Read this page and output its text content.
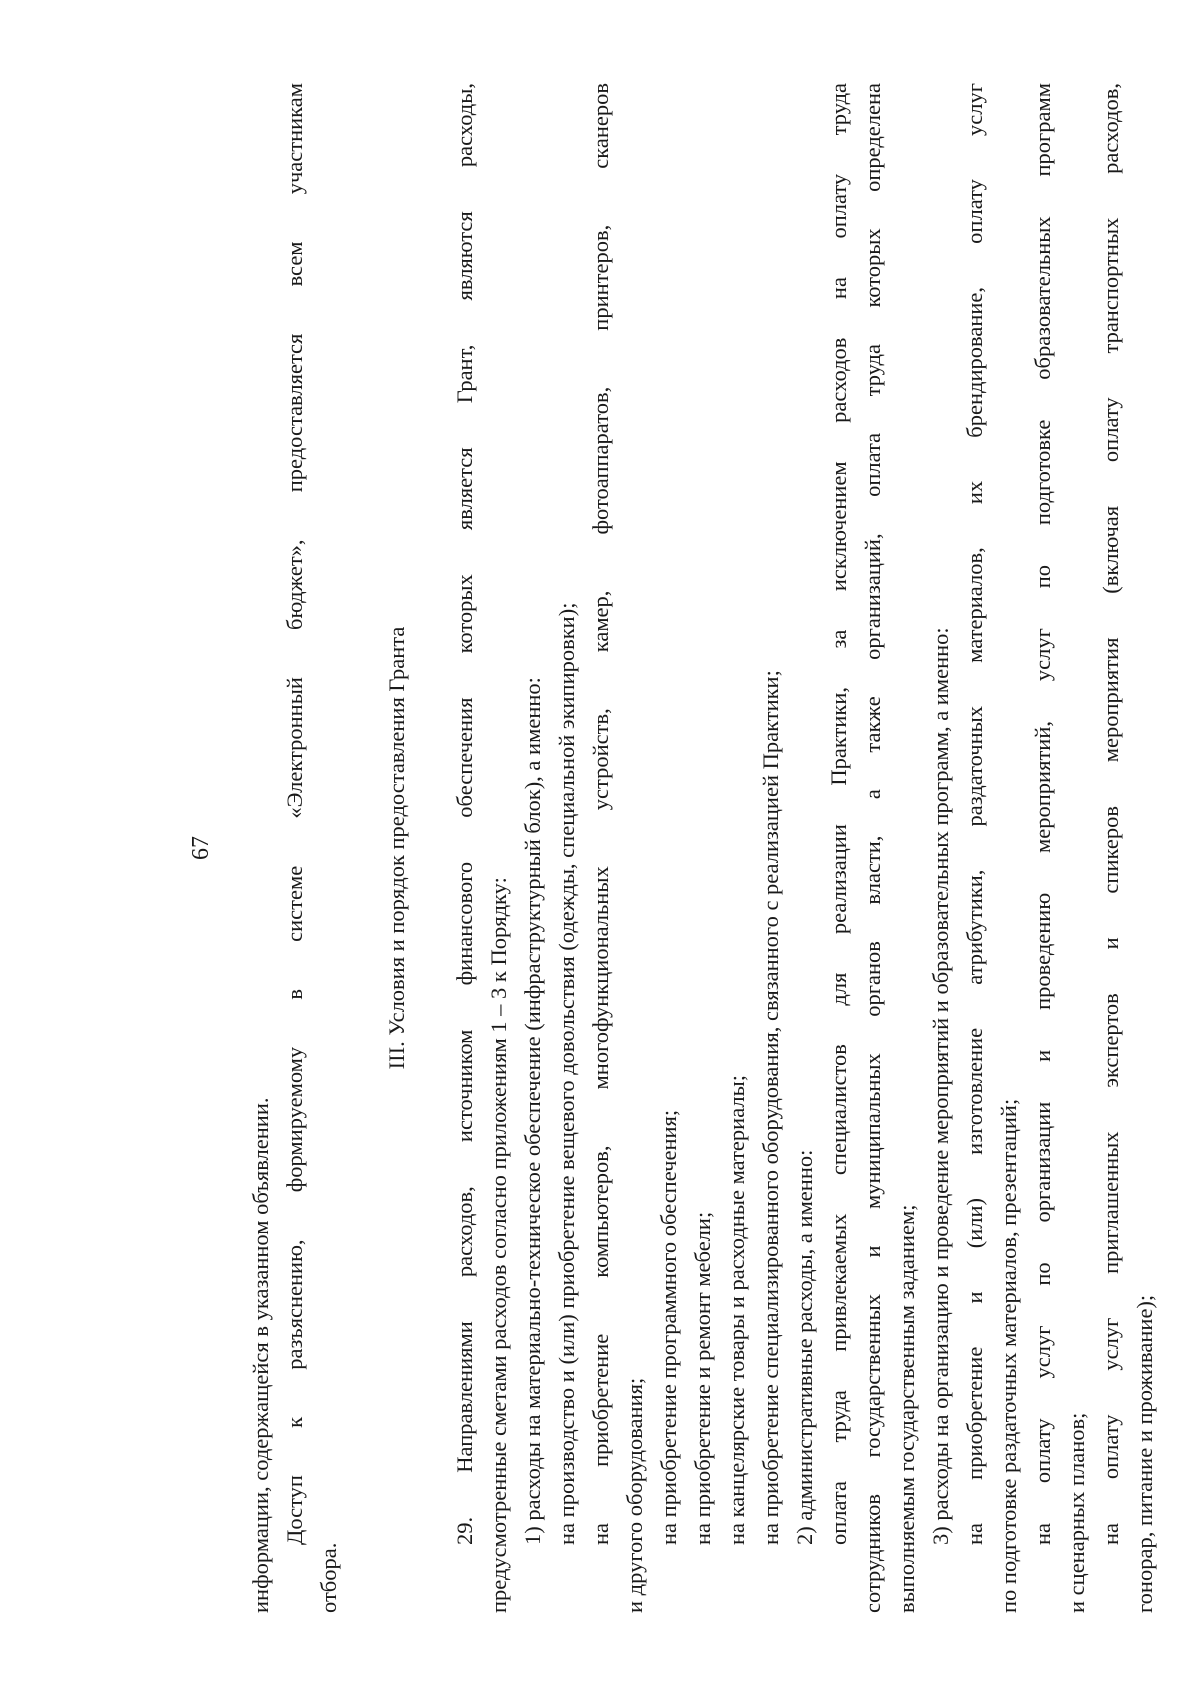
67
информации, содержащейся в указанном объявлении. Доступ к разъяснению, формируемому в системе «Электронный бюджет», предоставляется всем участникам
отбора.
III. Условия и порядок предоставления Гранта 29. Направлениями расходов, источником финансового обеспечения которых является Грант, являются расходы, предусмотренные сметами расходов согласно приложениям 1 – 3 к Порядку: 1) расходы на материально-техническое обеспечение (инфраструктурный блок), а именно: на производство и (или) приобретение вещевого довольствия (одежды, специальной экипировки); на приобретение компьютеров, многофункциональных устройств, камер, фотоаппаратов, принтеров, сканеров и другого оборудования; на приобретение программного обеспечения; на приобретение и ремонт мебели; на канцелярские товары и расходные материалы; на приобретение специализированного оборудования, связанного с реализацией Практики; 2) административные расходы, а именно: оплата труда привлекаемых специалистов для реализации Практики, за исключением расходов на оплату труда сотрудников государственных и муниципальных органов власти, а также организаций, оплата труда которых определена выполняемым государственным заданием; 3) расходы на организацию и проведение мероприятий и образовательных программ, а именно: на приобретение и (или) изготовление атрибутики, раздаточных материалов, их брендирование, оплату услуг по подготовке раздаточных материалов, презентаций; на оплату услуг по организации и проведению мероприятий, услуг по подготовке образовательных программ и сценарных планов; на оплату услуг приглашенных экспертов и спикеров мероприятия (включая оплату транспортных расходов, гонорар, питание и проживание);
